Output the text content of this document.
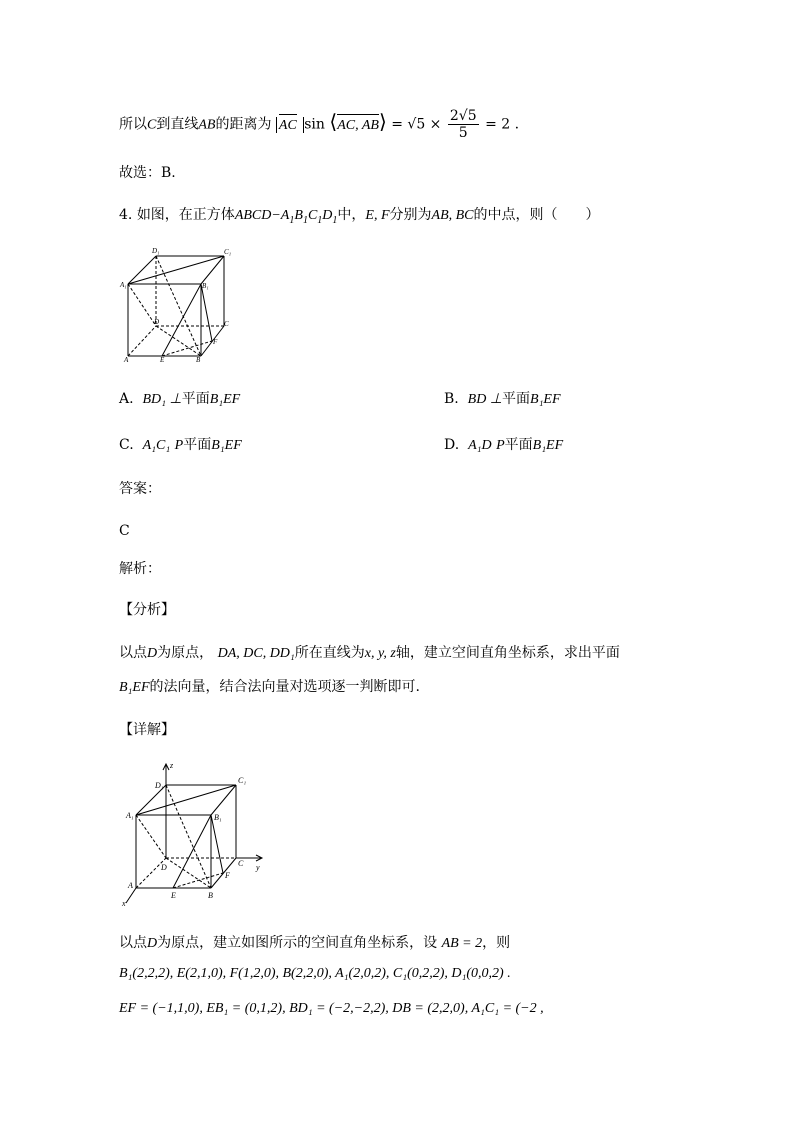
所以C到直线AB的距离为 AC sin ⟨AC, AB⟩ = $√5 \times \frac{2√5}{5} = 2$ .
故选：B.
4. 如图，在正方体$ABCD-A_1B_1C_1D_1$中，E, F分别为AB, BC的中点，则（　　）
D₁	C₁
A₁	B₁
D	C
F
A	E	B
A. BD₁ ⊥平面B₁EF	B. BD ⊥平面B₁EF
C. A₁C₁ P平面B₁EF	D. A₁D P平面B₁EF
答案：
C
解析：
【分析】
以点D为原点， DA, DC, DD₁所在直线为x, y, z轴，建立空间直角坐标系，求出平面
B₁EF的法向量，结合法向量对选项逐一判断即可.
【详解】
z
D₁
C₁
A₁	B₁
D	C y
F
A
E	B
x
以点D为原点，建立如图所示的空间直角坐标系，设 AB = 2，则
B₁(2,2,2), E(2,1,0), F(1,2,0), B(2,2,0), A₁(2,0,2), C₁(0,2,2), D₁(0,0,2) .
EF = (−1,1,0), EB₁ = (0,1,2), BD₁ = (−2,−2,2), DB = (2,2,0), A₁C₁ = (−2 ,
